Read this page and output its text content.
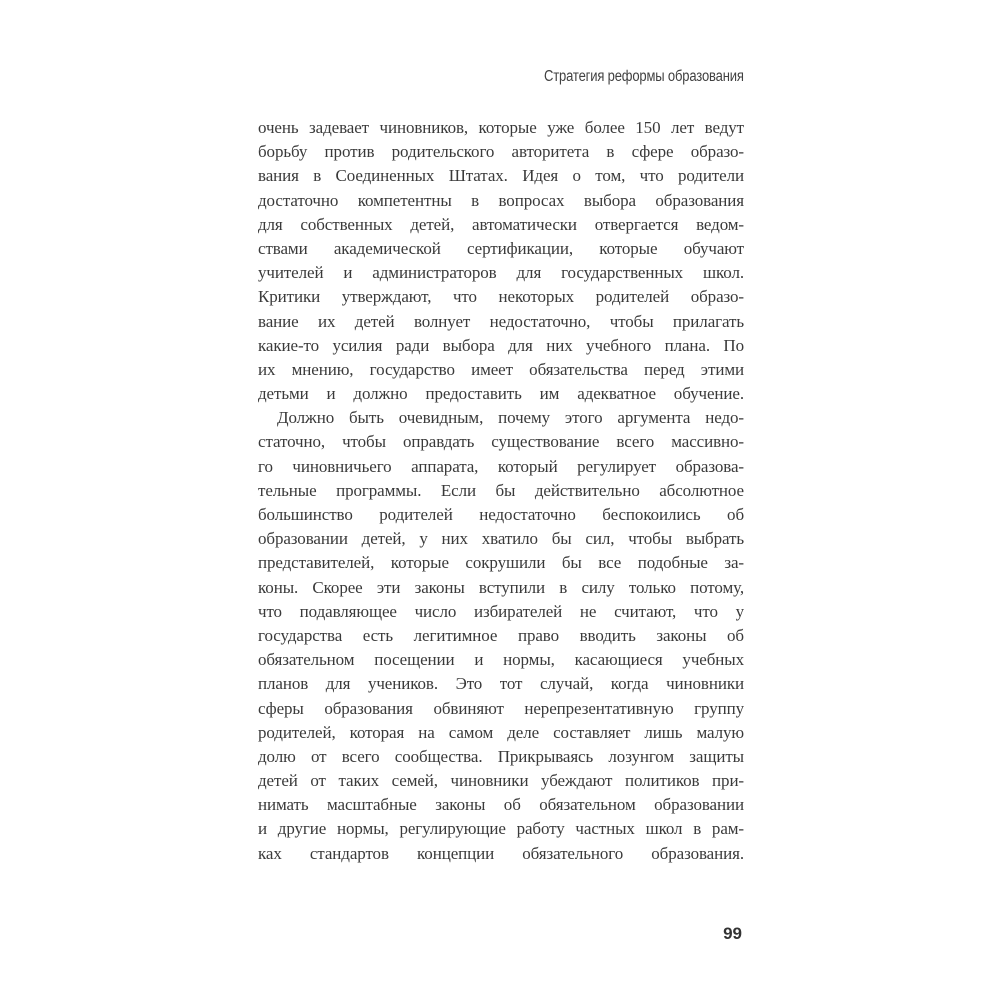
Стратегия реформы образования
очень задевает чиновников, которые уже более 150 лет ведут
борьбу против родительского авторитета в сфере образо-
вания в Соединенных Штатах. Идея о том, что родители
достаточно компетентны в вопросах выбора образования
для собственных детей, автоматически отвергается ведом-
ствами академической сертификации, которые обучают
учителей и администраторов для государственных школ.
Критики утверждают, что некоторых родителей образо-
вание их детей волнует недостаточно, чтобы прилагать
какие-то усилия ради выбора для них учебного плана. По
их мнению, государство имеет обязательства перед этими
детьми и должно предоставить им адекватное обучение.
Должно быть очевидным, почему этого аргумента недо-
статочно, чтобы оправдать существование всего массивно-
го чиновничьего аппарата, который регулирует образова-
тельные программы. Если бы действительно абсолютное
большинство родителей недостаточно беспокоились об
образовании детей, у них хватило бы сил, чтобы выбрать
представителей, которые сокрушили бы все подобные за-
коны. Скорее эти законы вступили в силу только потому,
что подавляющее число избирателей не считают, что у
государства есть легитимное право вводить законы об
обязательном посещении и нормы, касающиеся учебных
планов для учеников. Это тот случай, когда чиновники
сферы образования обвиняют нерепрезентативную группу
родителей, которая на самом деле составляет лишь малую
долю от всего сообщества. Прикрываясь лозунгом защиты
детей от таких семей, чиновники убеждают политиков при-
нимать масштабные законы об обязательном образовании
и другие нормы, регулирующие работу частных школ в рам-
ках стандартов концепции обязательного образования.
99
